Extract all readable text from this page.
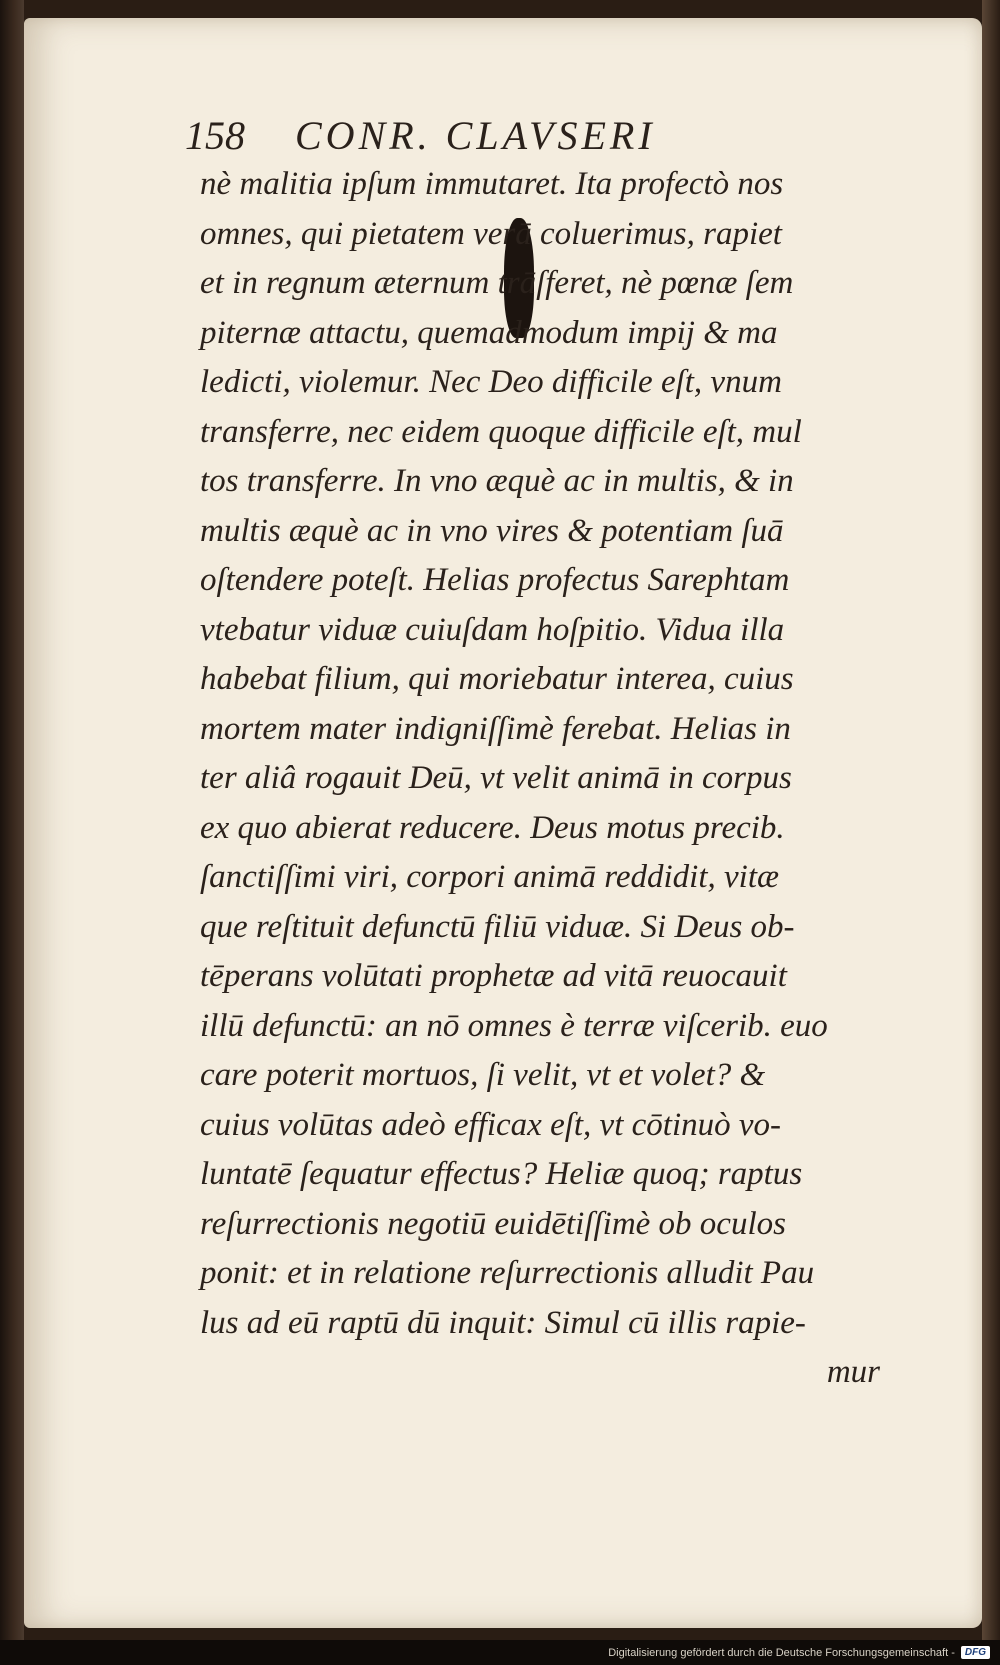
158	CONR. CLAVSERI
nè malitia ipſum immutaret. Ita profectò nos
omnes, qui pietatem verā coluerimus, rapiet
et in regnum æternum trāſferet, nè pœnæ ſem
piternæ attactu, quemadmodum impij & ma
ledicti, violemur. Nec Deo difficile eſt, vnum
transferre, nec eidem quoque difficile eſt, mul
tos transferre. In vno æquè ac in multis, & in
multis æquè ac in vno vires & potentiam ſuā
oſtendere poteſt. Helias profectus Sarephtam
vtebatur viduæ cuiuſdam hoſpitio. Vidua illa
habebat filium, qui moriebatur interea, cuius
mortem mater indigniſſimè ferebat. Helias in
ter aliâ rogauit Deū, vt velit animā in corpus
ex quo abierat reducere. Deus motus precib.
ſanctiſſimi viri, corpori animā reddidit, vitæ
que reſtituit defunctū filiū viduæ. Si Deus ob-
tēperans volūtati prophetæ ad vitā reuocauit
illū defunctū: an nō omnes è terræ viſcerib. euo
care poterit mortuos, ſi velit, vt et volet? &
cuius volūtas adeò efficax eſt, vt cōtinuò vo-
luntatē ſequatur effectus? Heliæ quoq; raptus
reſurrectionis negotiū euidētiſſimè ob oculos
ponit: et in relatione reſurrectionis alludit Pau
lus ad eū raptū dū inquit: Simul cū illis rapie-
mur
Digitalisierung gefördert durch die Deutsche Forschungsgemeinschaft -	DFG
